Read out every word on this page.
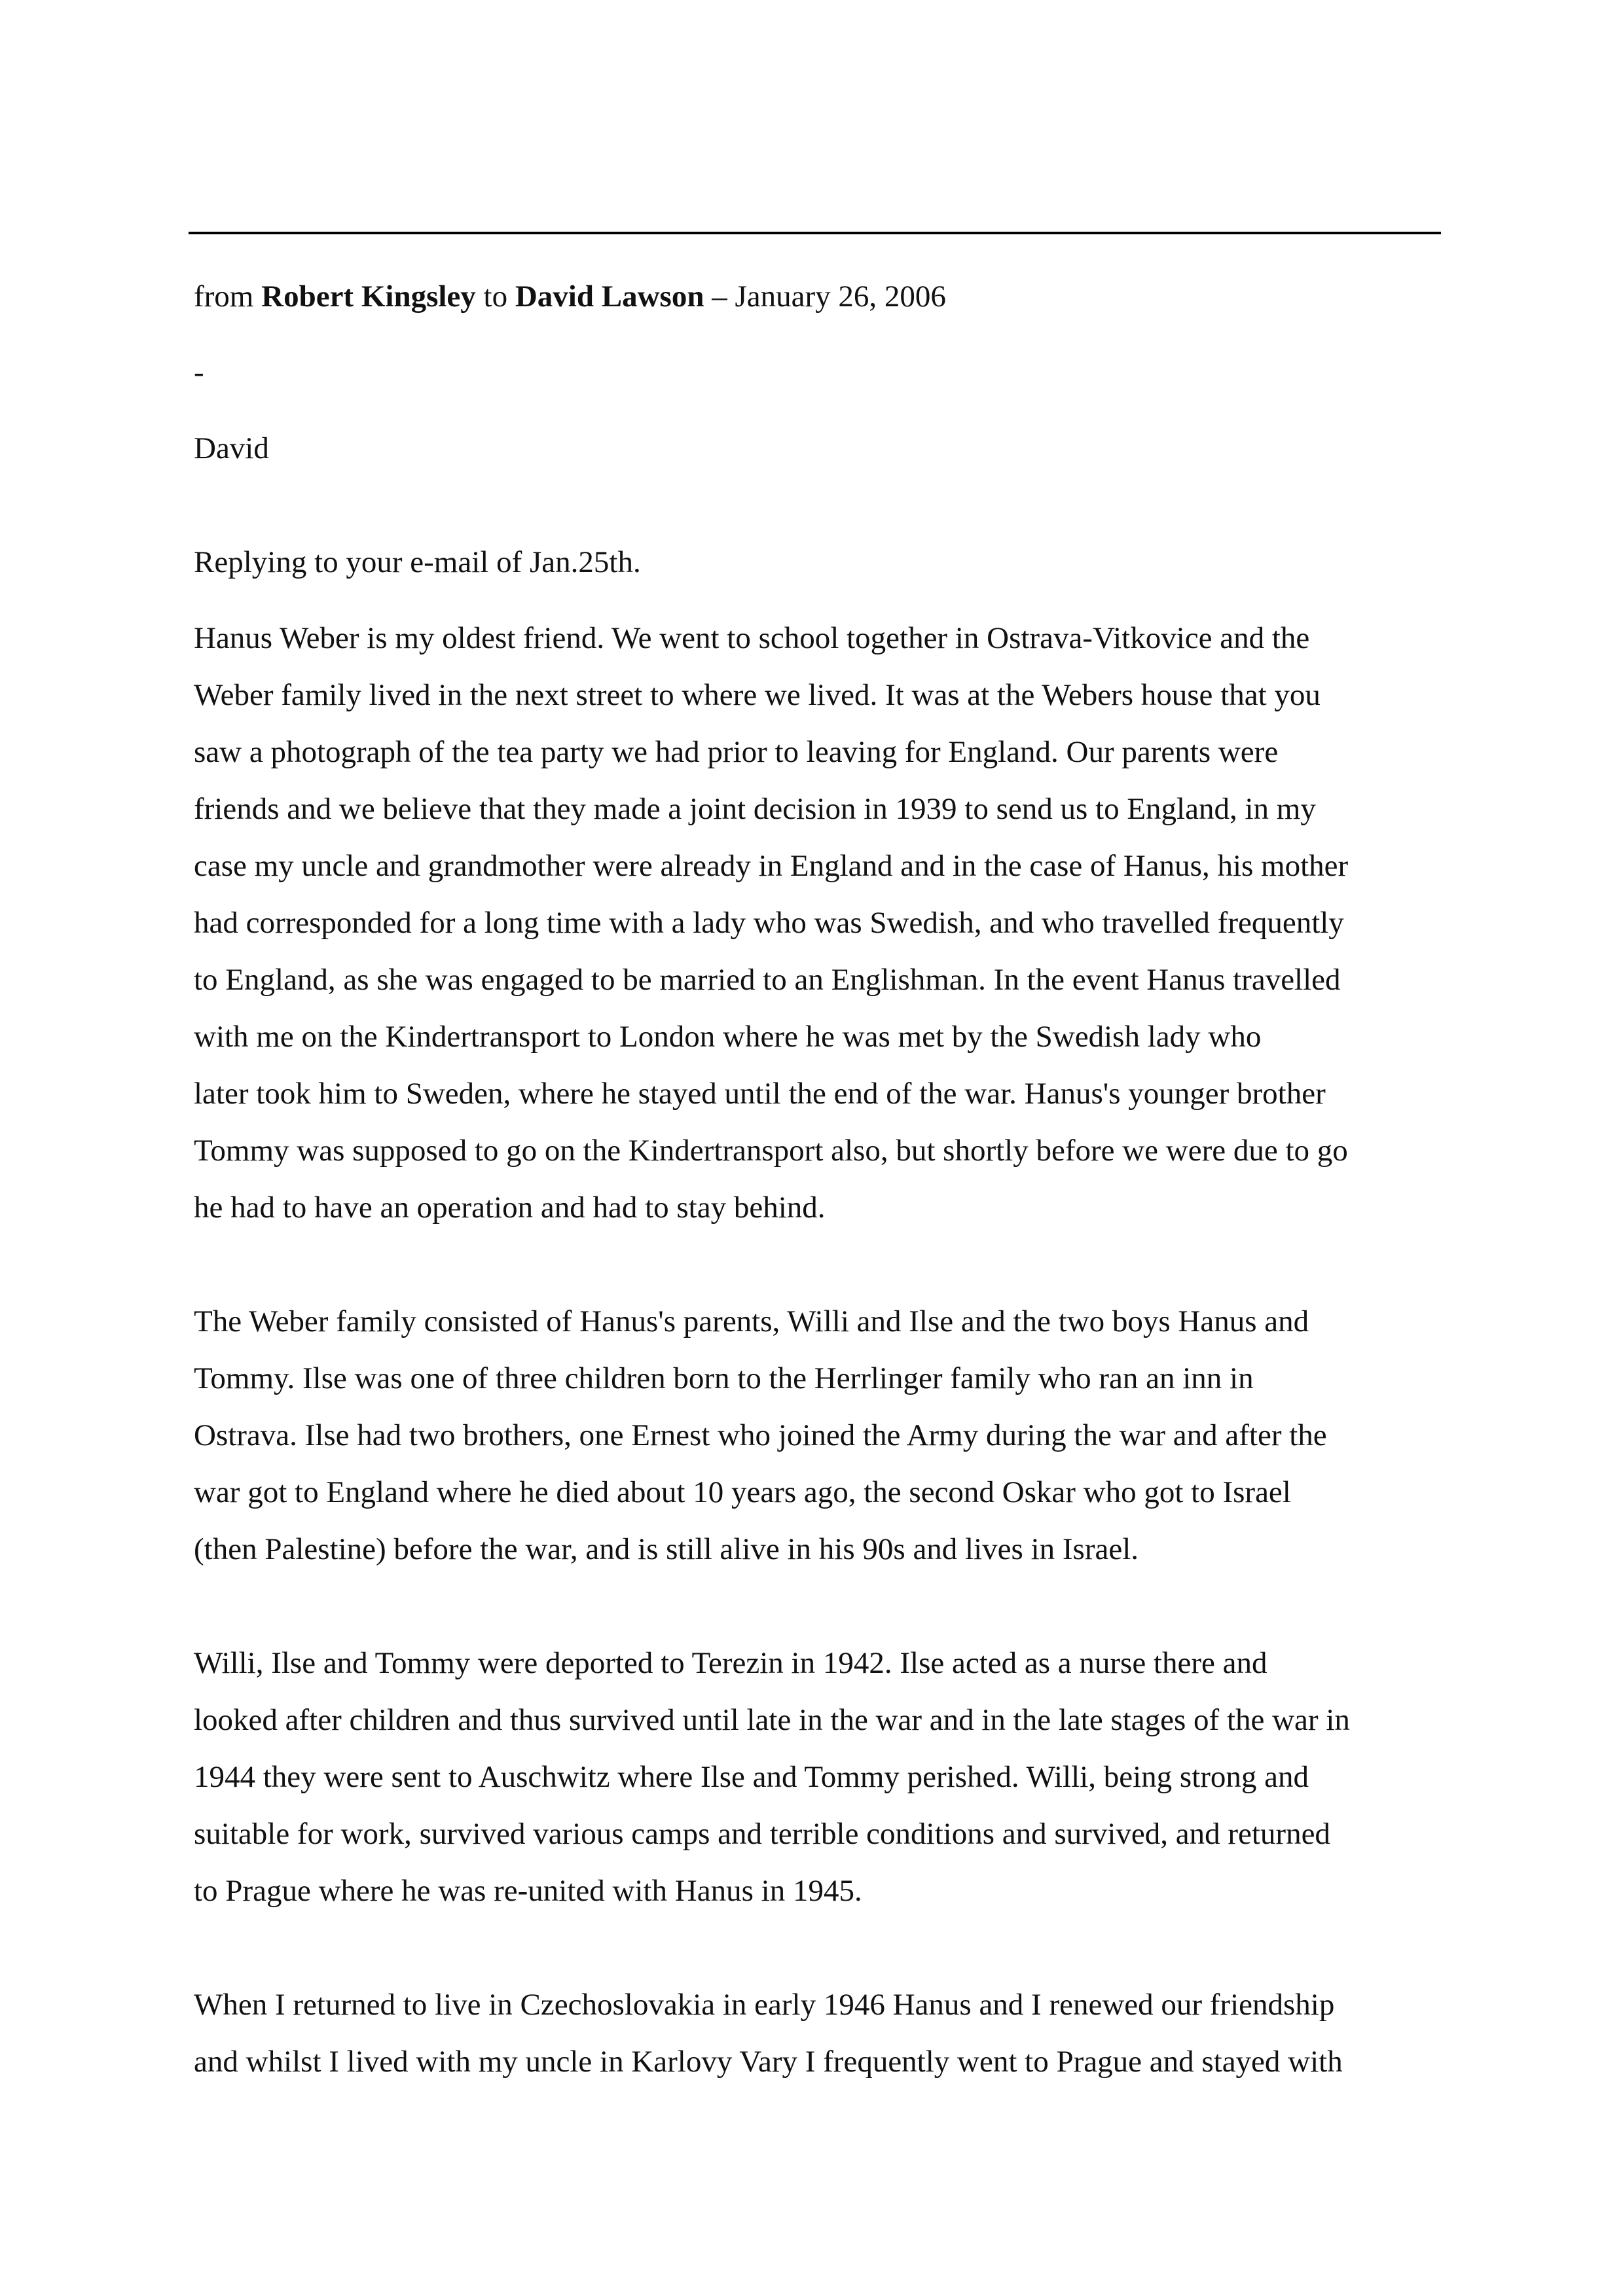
from Robert Kingsley to David Lawson – January 26, 2006
-
David
Replying to your e-mail of Jan.25th.
Hanus Weber is my oldest friend. We went to school together in Ostrava-Vitkovice and the
Weber family lived in the next street to where we lived. It was at the Webers house that you
saw a photograph of the tea party we had prior to leaving for England. Our parents were
friends and we believe that they made a joint decision in 1939 to send us to England, in my
case my uncle and grandmother were already in England and in the case of Hanus, his mother
had corresponded for a long time with a lady who was Swedish, and who travelled frequently
to England, as she was engaged to be married to an Englishman. In the event Hanus travelled
with me on the Kindertransport to London where he was met by the Swedish lady who
later took him to Sweden, where he stayed until the end of the war. Hanus's younger brother
Tommy was supposed to go on the Kindertransport also, but shortly before we were due to go
he had to have an operation and had to stay behind.
The Weber family consisted of Hanus's parents, Willi and Ilse and the two boys Hanus and
Tommy. Ilse was one of three children born to the Herrlinger family who ran an inn in
Ostrava. Ilse had two brothers, one Ernest who joined the Army during the war and after the
war got to England where he died about 10 years ago, the second Oskar who got to Israel
(then Palestine) before the war, and is still alive in his 90s and lives in Israel.
Willi, Ilse and Tommy were deported to Terezin in 1942. Ilse acted as a nurse there and
looked after children and thus survived until late in the war and in the late stages of the war in
1944 they were sent to Auschwitz where Ilse and Tommy perished. Willi, being strong and
suitable for work, survived various camps and terrible conditions and survived, and returned
to Prague where he was re-united with Hanus in 1945.
When I returned to live in Czechoslovakia in early 1946 Hanus and I renewed our friendship
and whilst I lived with my uncle in Karlovy Vary I frequently went to Prague and stayed with
